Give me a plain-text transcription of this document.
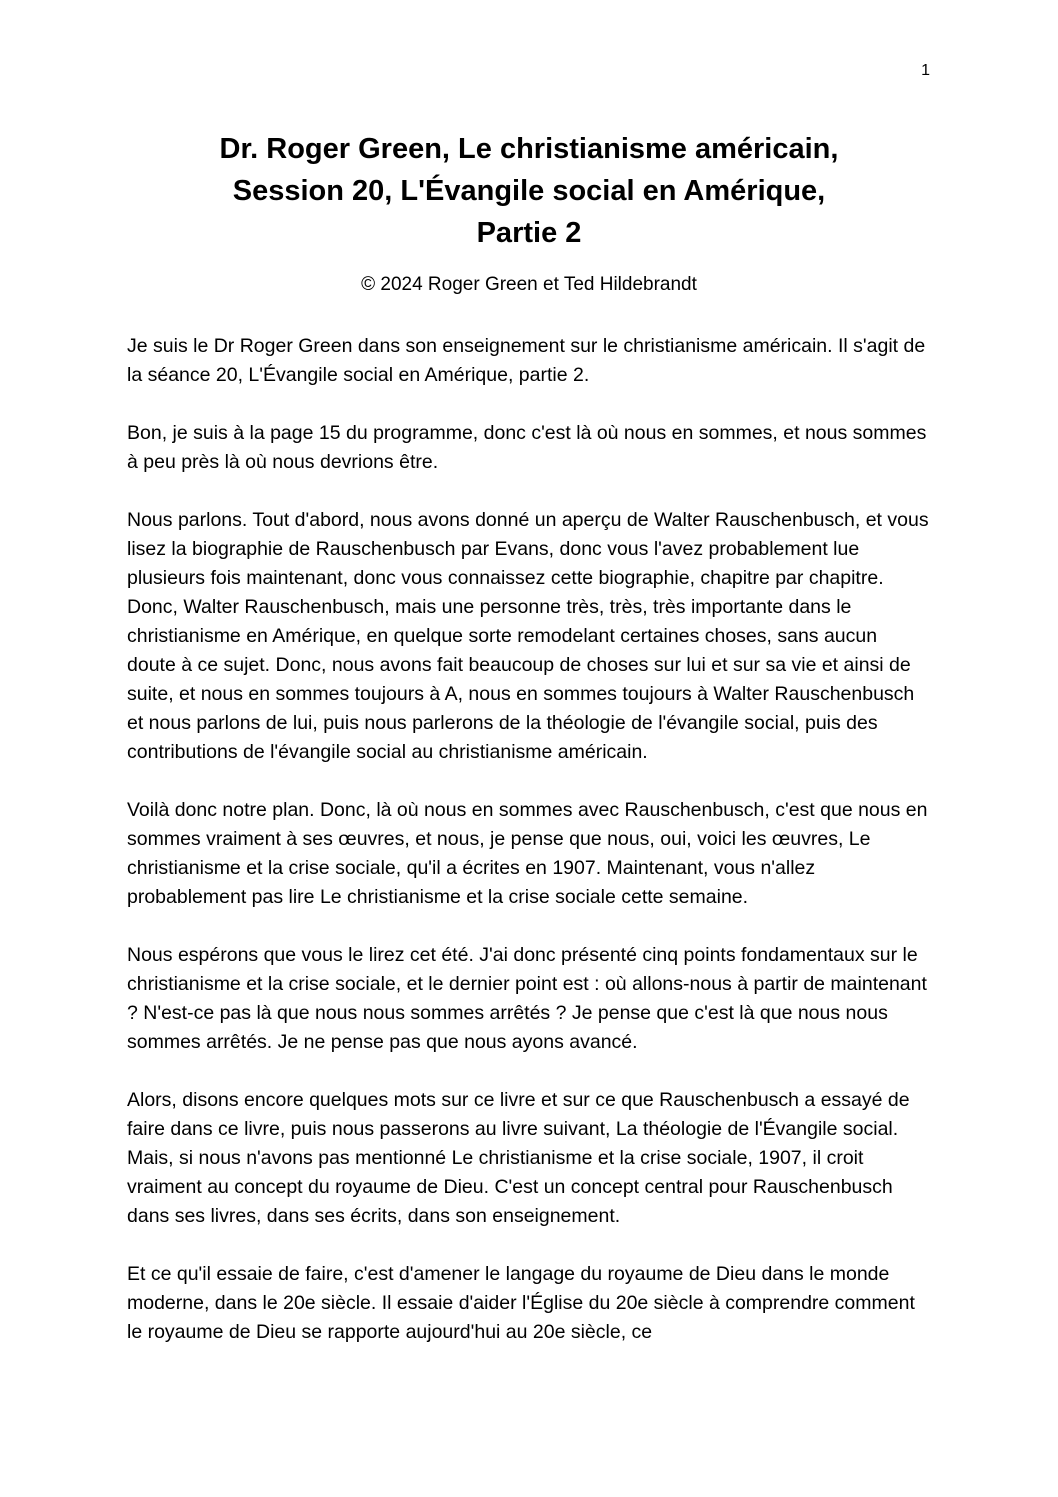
1
Dr. Roger Green, Le christianisme américain,
Session 20, L'Évangile social en Amérique,
Partie 2
© 2024 Roger Green et Ted Hildebrandt

Je suis le Dr Roger Green dans son enseignement sur le christianisme américain. Il s'agit de la séance 20, L'Évangile social en Amérique, partie 2.

Bon, je suis à la page 15 du programme, donc c'est là où nous en sommes, et nous sommes à peu près là où nous devrions être.

Nous parlons. Tout d'abord, nous avons donné un aperçu de Walter Rauschenbusch, et vous lisez la biographie de Rauschenbusch par Evans, donc vous l'avez probablement lue plusieurs fois maintenant, donc vous connaissez cette biographie, chapitre par chapitre. Donc, Walter Rauschenbusch, mais une personne très, très, très importante dans le christianisme en Amérique, en quelque sorte remodelant certaines choses, sans aucun doute à ce sujet. Donc, nous avons fait beaucoup de choses sur lui et sur sa vie et ainsi de suite, et nous en sommes toujours à A, nous en sommes toujours à Walter Rauschenbusch et nous parlons de lui, puis nous parlerons de la théologie de l'évangile social, puis des contributions de l'évangile social au christianisme américain.

Voilà donc notre plan. Donc, là où nous en sommes avec Rauschenbusch, c'est que nous en sommes vraiment à ses œuvres, et nous, je pense que nous, oui, voici les œuvres, Le christianisme et la crise sociale, qu'il a écrites en 1907. Maintenant, vous n'allez probablement pas lire Le christianisme et la crise sociale cette semaine.

Nous espérons que vous le lirez cet été. J'ai donc présenté cinq points fondamentaux sur le christianisme et la crise sociale, et le dernier point est : où allons-nous à partir de maintenant ? N'est-ce pas là que nous nous sommes arrêtés ? Je pense que c'est là que nous nous sommes arrêtés. Je ne pense pas que nous ayons avancé.

Alors, disons encore quelques mots sur ce livre et sur ce que Rauschenbusch a essayé de faire dans ce livre, puis nous passerons au livre suivant, La théologie de l'Évangile social. Mais, si nous n'avons pas mentionné Le christianisme et la crise sociale, 1907, il croit vraiment au concept du royaume de Dieu. C'est un concept central pour Rauschenbusch dans ses livres, dans ses écrits, dans son enseignement.

Et ce qu'il essaie de faire, c'est d'amener le langage du royaume de Dieu dans le monde moderne, dans le 20e siècle. Il essaie d'aider l'Église du 20e siècle à comprendre comment le royaume de Dieu se rapporte aujourd'hui au 20e siècle, ce
